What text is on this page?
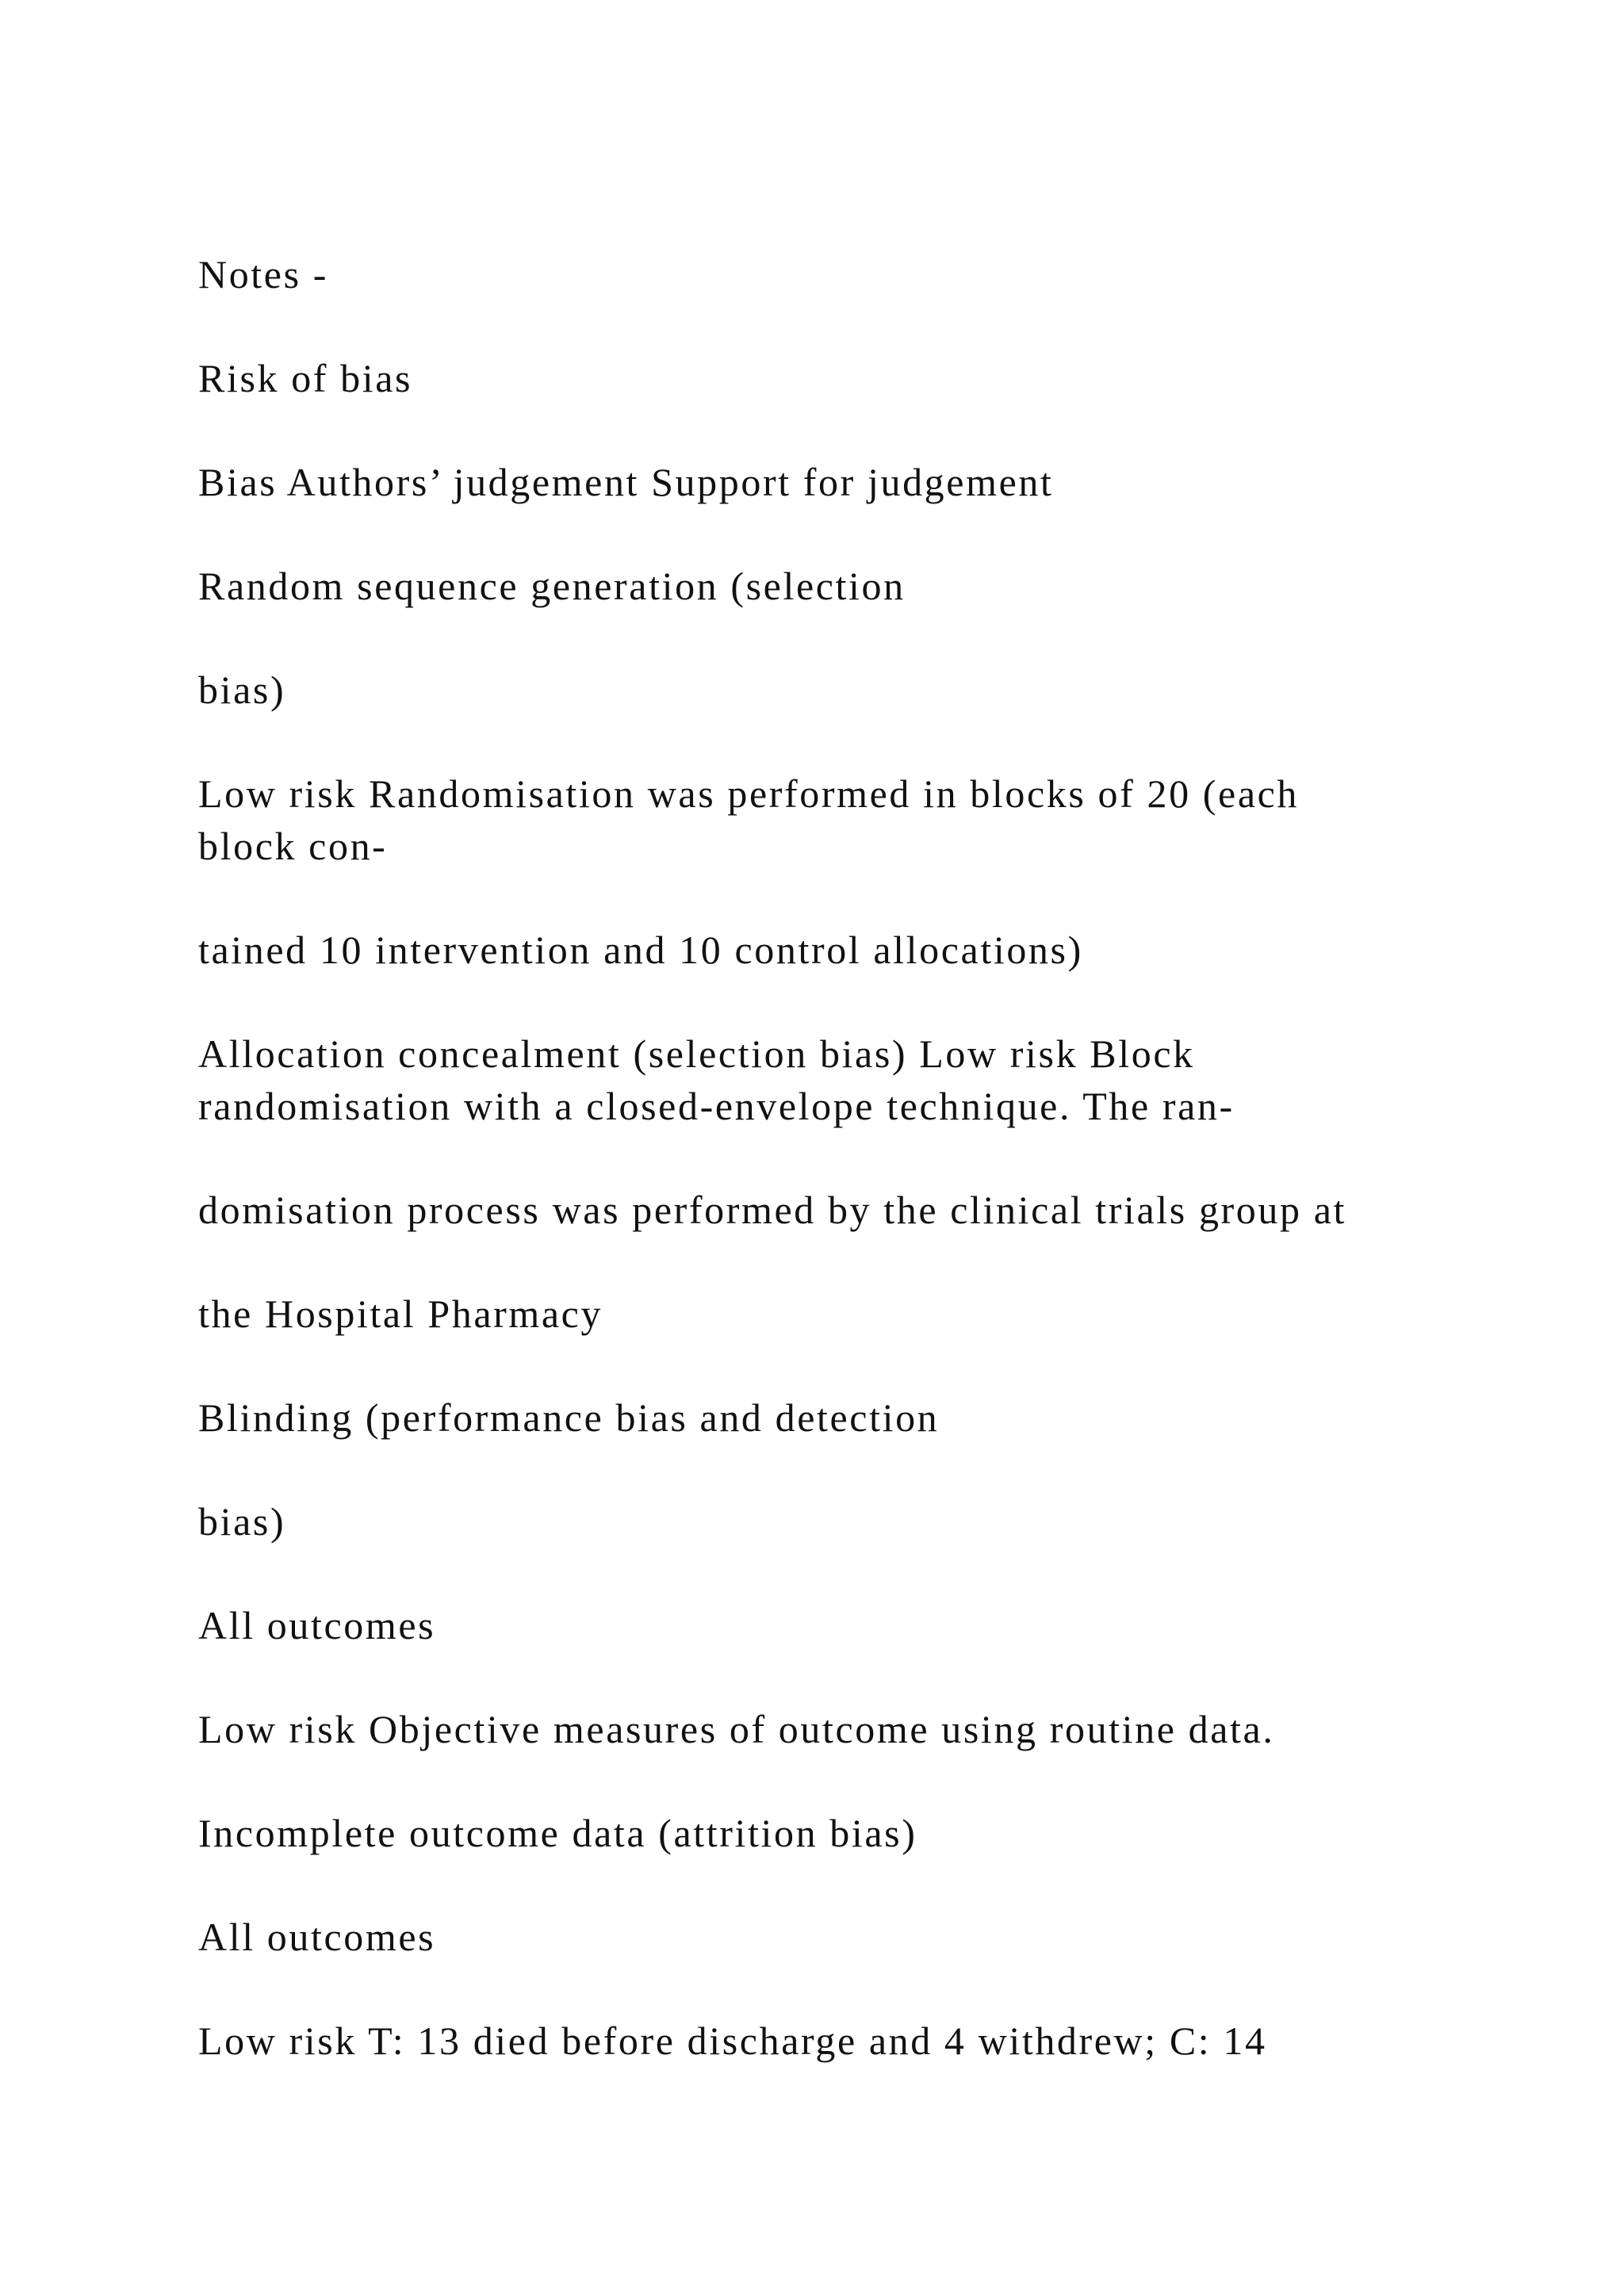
Notes -

Risk of bias

Bias Authors’ judgement Support for judgement

Random sequence generation (selection

bias)

Low risk Randomisation was performed in blocks of 20 (each

block con-

tained 10 intervention and 10 control allocations)

Allocation concealment (selection bias) Low risk Block

randomisation with a closed-envelope technique. The ran-

domisation process was performed by the clinical trials group at

the Hospital Pharmacy

Blinding (performance bias and detection

bias)

All outcomes

Low risk Objective measures of outcome using routine data.

Incomplete outcome data (attrition bias)

All outcomes

Low risk T: 13 died before discharge and 4 withdrew; C: 14
